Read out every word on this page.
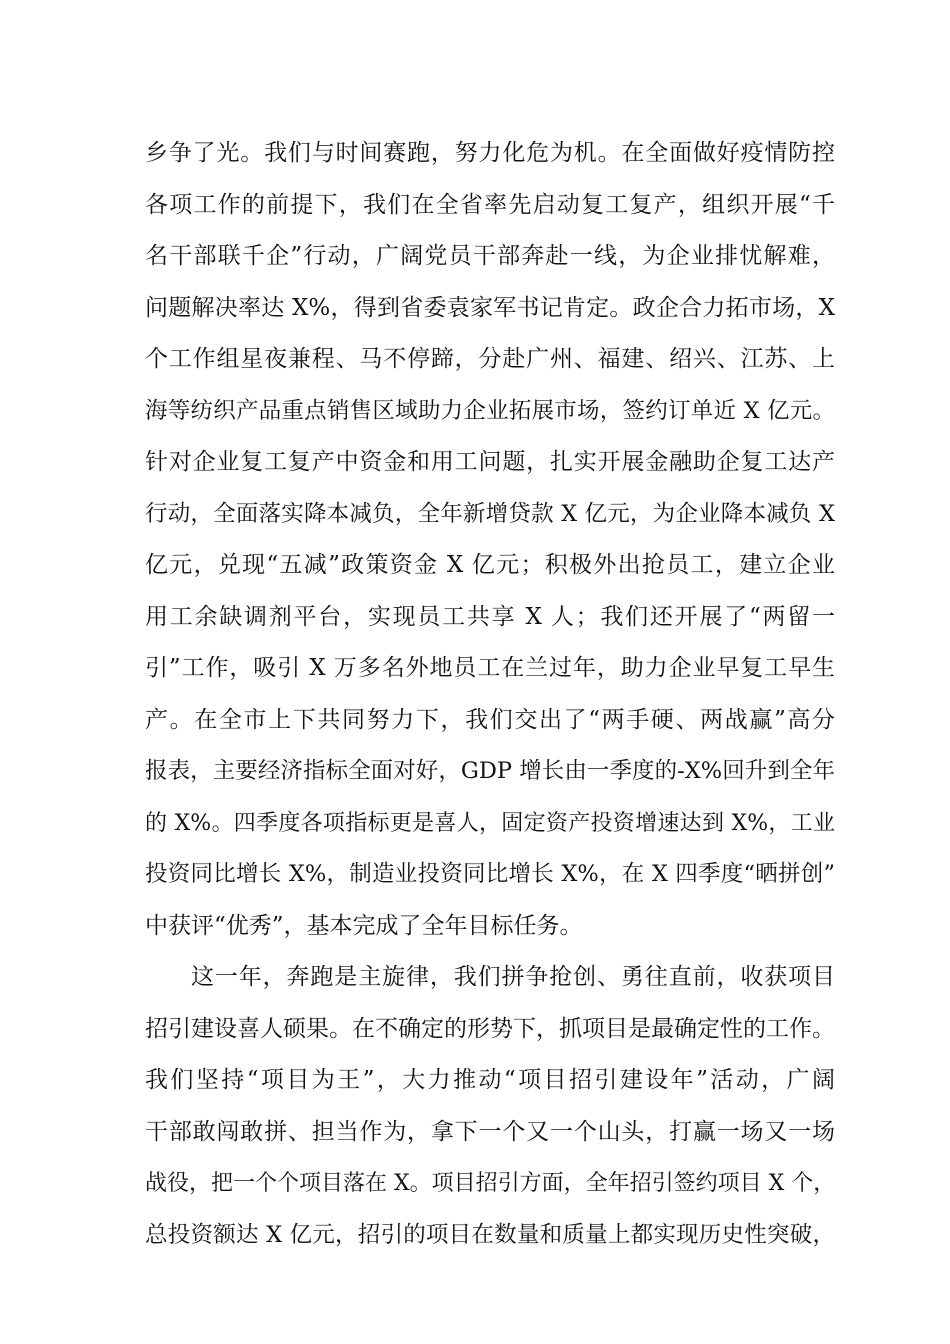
乡争了光。我们与时间赛跑，努力化危为机。在全面做好疫情防控
各项工作的前提下，我们在全省率先启动复工复产，组织开展“千
名干部联千企”行动，广阔党员干部奔赴一线，为企业排忧解难，
问题解决率达 X%，得到省委袁家军书记肯定。政企合力拓市场，X
个工作组星夜兼程、马不停蹄，分赴广州、福建、绍兴、江苏、上
海等纺织产品重点销售区域助力企业拓展市场，签约订单近 X 亿元。
针对企业复工复产中资金和用工问题，扎实开展金融助企复工达产
行动，全面落实降本减负，全年新增贷款 X 亿元，为企业降本减负 X
亿元，兑现“五减”政策资金 X 亿元；积极外出抢员工，建立企业
用工余缺调剂平台，实现员工共享 X 人；我们还开展了“两留一
引”工作，吸引 X 万多名外地员工在兰过年，助力企业早复工早生
产。在全市上下共同努力下，我们交出了“两手硬、两战赢”高分
报表，主要经济指标全面对好，GDP 增长由一季度的-X%回升到全年
的 X%。四季度各项指标更是喜人，固定资产投资增速达到 X%，工业
投资同比增长 X%，制造业投资同比增长 X%，在 X 四季度“晒拼创”
中获评“优秀”，基本完成了全年目标任务。
这一年，奔跑是主旋律，我们拼争抢创、勇往直前，收获项目
招引建设喜人硕果。在不确定的形势下，抓项目是最确定性的工作。
我们坚持“项目为王”，大力推动“项目招引建设年”活动，广阔
干部敢闯敢拼、担当作为，拿下一个又一个山头，打赢一场又一场
战役，把一个个项目落在 X。项目招引方面，全年招引签约项目 X 个，
总投资额达 X 亿元，招引的项目在数量和质量上都实现历史性突破，
